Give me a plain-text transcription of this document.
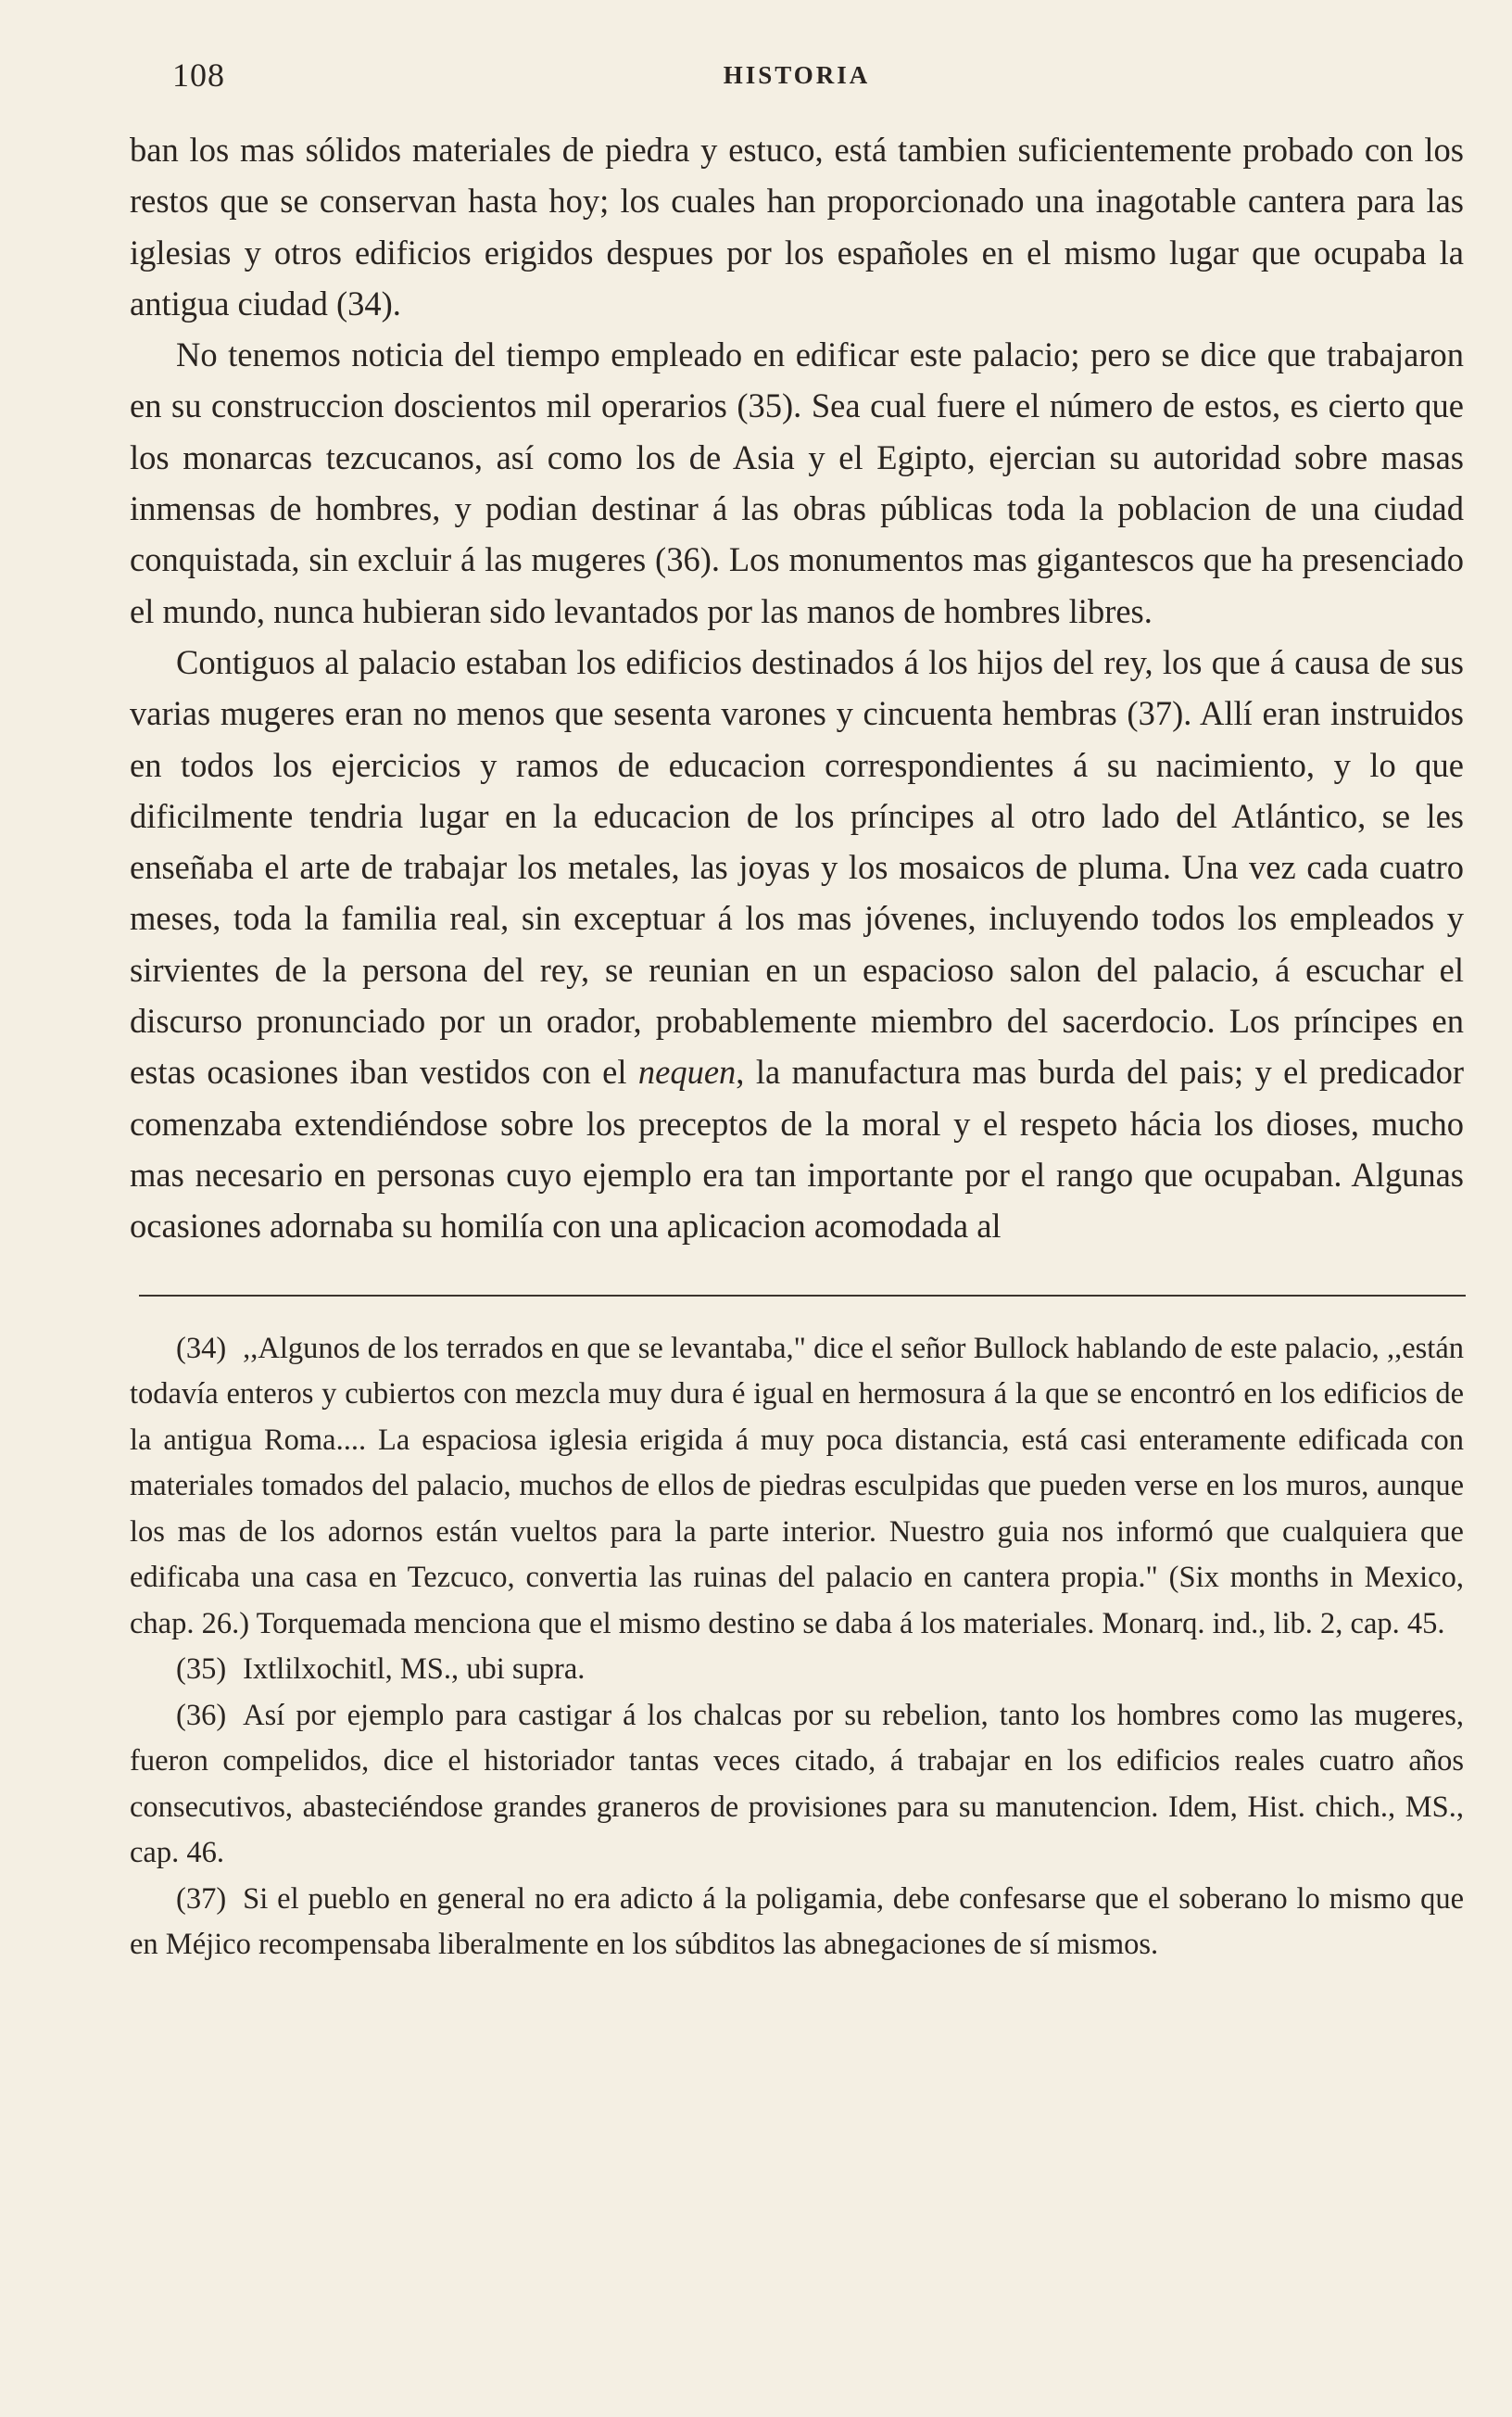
108	HISTORIA

ban los mas sólidos materiales de piedra y estuco, está tambien suficientemente probado con los restos que se conservan hasta hoy; los cuales han proporcionado una inagotable cantera para las iglesias y otros edificios erigidos despues por los españoles en el mismo lugar que ocupaba la antigua ciudad (34).

No tenemos noticia del tiempo empleado en edificar este palacio; pero se dice que trabajaron en su construccion doscientos mil operarios (35). Sea cual fuere el número de estos, es cierto que los monarcas tezcucanos, así como los de Asia y el Egipto, ejercian su autoridad sobre masas inmensas de hombres, y podian destinar á las obras públicas toda la poblacion de una ciudad conquistada, sin excluir á las mugeres (36). Los monumentos mas gigantescos que ha presenciado el mundo, nunca hubieran sido levantados por las manos de hombres libres.

Contiguos al palacio estaban los edificios destinados á los hijos del rey, los que á causa de sus varias mugeres eran no menos que sesenta varones y cincuenta hembras (37). Allí eran instruidos en todos los ejercicios y ramos de educacion correspondientes á su nacimiento, y lo que dificilmente tendria lugar en la educacion de los príncipes al otro lado del Atlántico, se les enseñaba el arte de trabajar los metales, las joyas y los mosaicos de pluma. Una vez cada cuatro meses, toda la familia real, sin exceptuar á los mas jóvenes, incluyendo todos los empleados y sirvientes de la persona del rey, se reunian en un espacioso salon del palacio, á escuchar el discurso pronunciado por un orador, probablemente miembro del sacerdocio. Los príncipes en estas ocasiones iban vestidos con el nequen, la manufactura mas burda del pais; y el predicador comenzaba extendiéndose sobre los preceptos de la moral y el respeto hácia los dioses, mucho mas necesario en personas cuyo ejemplo era tan importante por el rango que ocupaban. Algunas ocasiones adornaba su homilía con una aplicacion acomodada al

(34) ,,Algunos de los terrados en que se levantaba," dice el señor Bullock hablando de este palacio, ,,están todavía enteros y cubiertos con mezcla muy dura é igual en hermosura á la que se encontró en los edificios de la antigua Roma.... La espaciosa iglesia erigida á muy poca distancia, está casi enteramente edificada con materiales tomados del palacio, muchos de ellos de piedras esculpidas que pueden verse en los muros, aunque los mas de los adornos están vueltos para la parte interior. Nuestro guia nos informó que cualquiera que edificaba una casa en Tezcuco, convertia las ruinas del palacio en cantera propia." (Six months in Mexico, chap. 26.) Torquemada menciona que el mismo destino se daba á los materiales. Monarq. ind., lib. 2, cap. 45.

(35) Ixtlilxochitl, MS., ubi supra.

(36) Así por ejemplo para castigar á los chalcas por su rebelion, tanto los hombres como las mugeres, fueron compelidos, dice el historiador tantas veces citado, á trabajar en los edificios reales cuatro años consecutivos, abasteciéndose grandes graneros de provisiones para su manutencion. Idem, Hist. chich., MS., cap. 46.

(37) Si el pueblo en general no era adicto á la poligamia, debe confesarse que el soberano lo mismo que en Méjico recompensaba liberalmente en los súbditos las abnegaciones de sí mismos.
